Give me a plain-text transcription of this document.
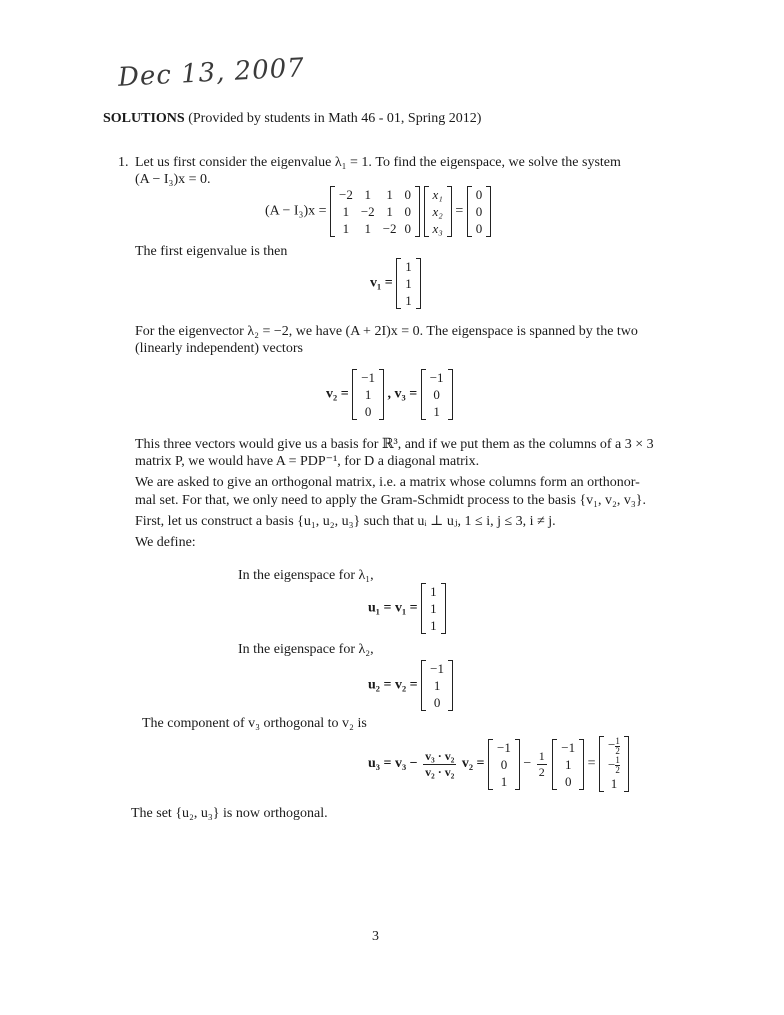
Dec 13, 2007
SOLUTIONS (Provided by students in Math 46 - 01, Spring 2012)
1. Let us first consider the eigenvalue λ₁ = 1. To find the eigenspace, we solve the system
(A − I₃)x = 0.
(A − I₃)x =
−2	1	1	0
1	−2	1	0
1	1	−2	0

x₁
x₂
x₃
=
0
0
0
The first eigenvalue is then
v₁ =
1
1
1
For the eigenvector λ₂ = −2, we have (A + 2I)x = 0. The eigenspace is spanned by the two
(linearly independent) vectors
v₂ =
−1
1
0
, v₃ =
−1
0
1
This three vectors would give us a basis for ℝ³, and if we put them as the columns of a 3 × 3
matrix P, we would have A = PDP⁻¹, for D a diagonal matrix.
We are asked to give an orthogonal matrix, i.e. a matrix whose columns form an orthonor-
mal set. For that, we only need to apply the Gram-Schmidt process to the basis {v₁, v₂, v₃}.
First, let us construct a basis {u₁, u₂, u₃} such that uᵢ ⊥ uⱼ, 1 ≤ i, j ≤ 3, i ≠ j.
We define:
In the eigenspace for λ₁,
u₁ = v₁ =
1
1
1
In the eigenspace for λ₂,
u₂ = v₂ =
−1
1
0
The component of v₃ orthogonal to v₂ is
$u_3 = v_3 - \frac{\text{v₃ · v₂}}{\text{v₂ · v₂}} v_2$ =
−1
0
1
− $\frac{1}{2}$

−1
1
0
=
− $\frac{1}{2}$

− $\frac{1}{2}$

1
The set {u₂, u₃} is now orthogonal.
3
